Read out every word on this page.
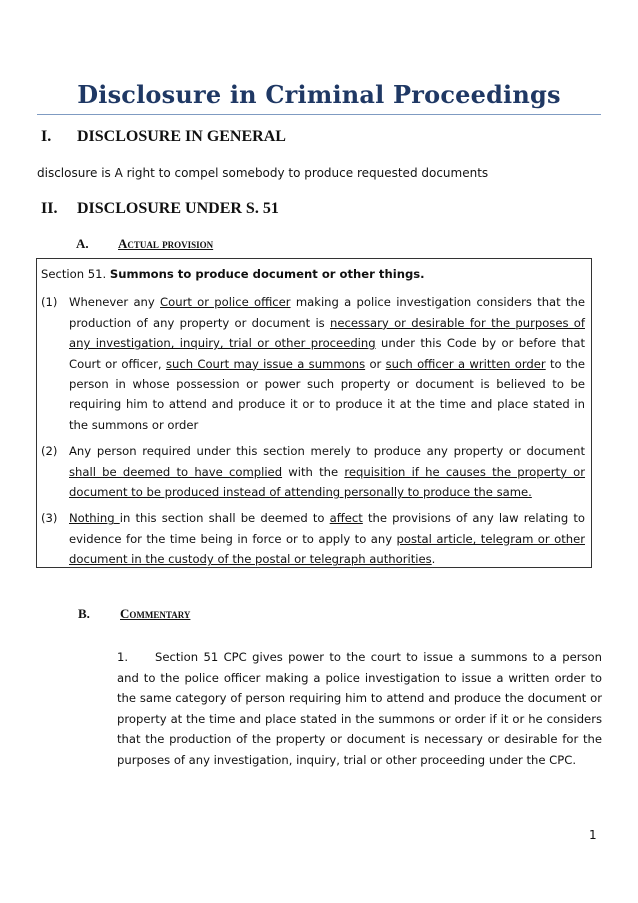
Disclosure in Criminal Proceedings
I. DISCLOSURE IN GENERAL
disclosure is A right to compel somebody to produce requested documents
II. DISCLOSURE UNDER S. 51
A. Actual provision
Section 51. Summons to produce document or other things.
(1) Whenever any Court or police officer making a police investigation considers that the production of any property or document is necessary or desirable for the purposes of any investigation, inquiry, trial or other proceeding under this Code by or before that Court or officer, such Court may issue a summons or such officer a written order to the person in whose possession or power such property or document is believed to be requiring him to attend and produce it or to produce it at the time and place stated in the summons or order
(2) Any person required under this section merely to produce any property or document shall be deemed to have complied with the requisition if he causes the property or document to be produced instead of attending personally to produce the same.
(3) Nothing in this section shall be deemed to affect the provisions of any law relating to evidence for the time being in force or to apply to any postal article, telegram or other document in the custody of the postal or telegraph authorities.
B. Commentary
1. Section 51 CPC gives power to the court to issue a summons to a person and to the police officer making a police investigation to issue a written order to the same category of person requiring him to attend and produce the document or property at the time and place stated in the summons or order if it or he considers that the production of the property or document is necessary or desirable for the purposes of any investigation, inquiry, trial or other proceeding under the CPC.
1
